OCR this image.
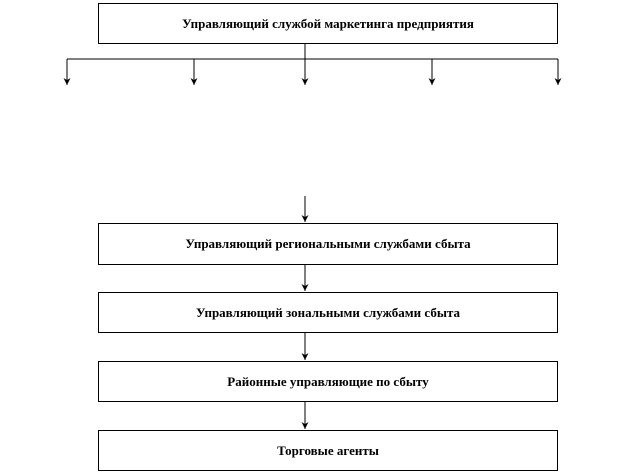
Управляющий службой маркетинга предприятия
Управляющий региональными службами сбыта
Управляющий зональными службами сбыта
Районные управляющие по сбыту
Торговые агенты
